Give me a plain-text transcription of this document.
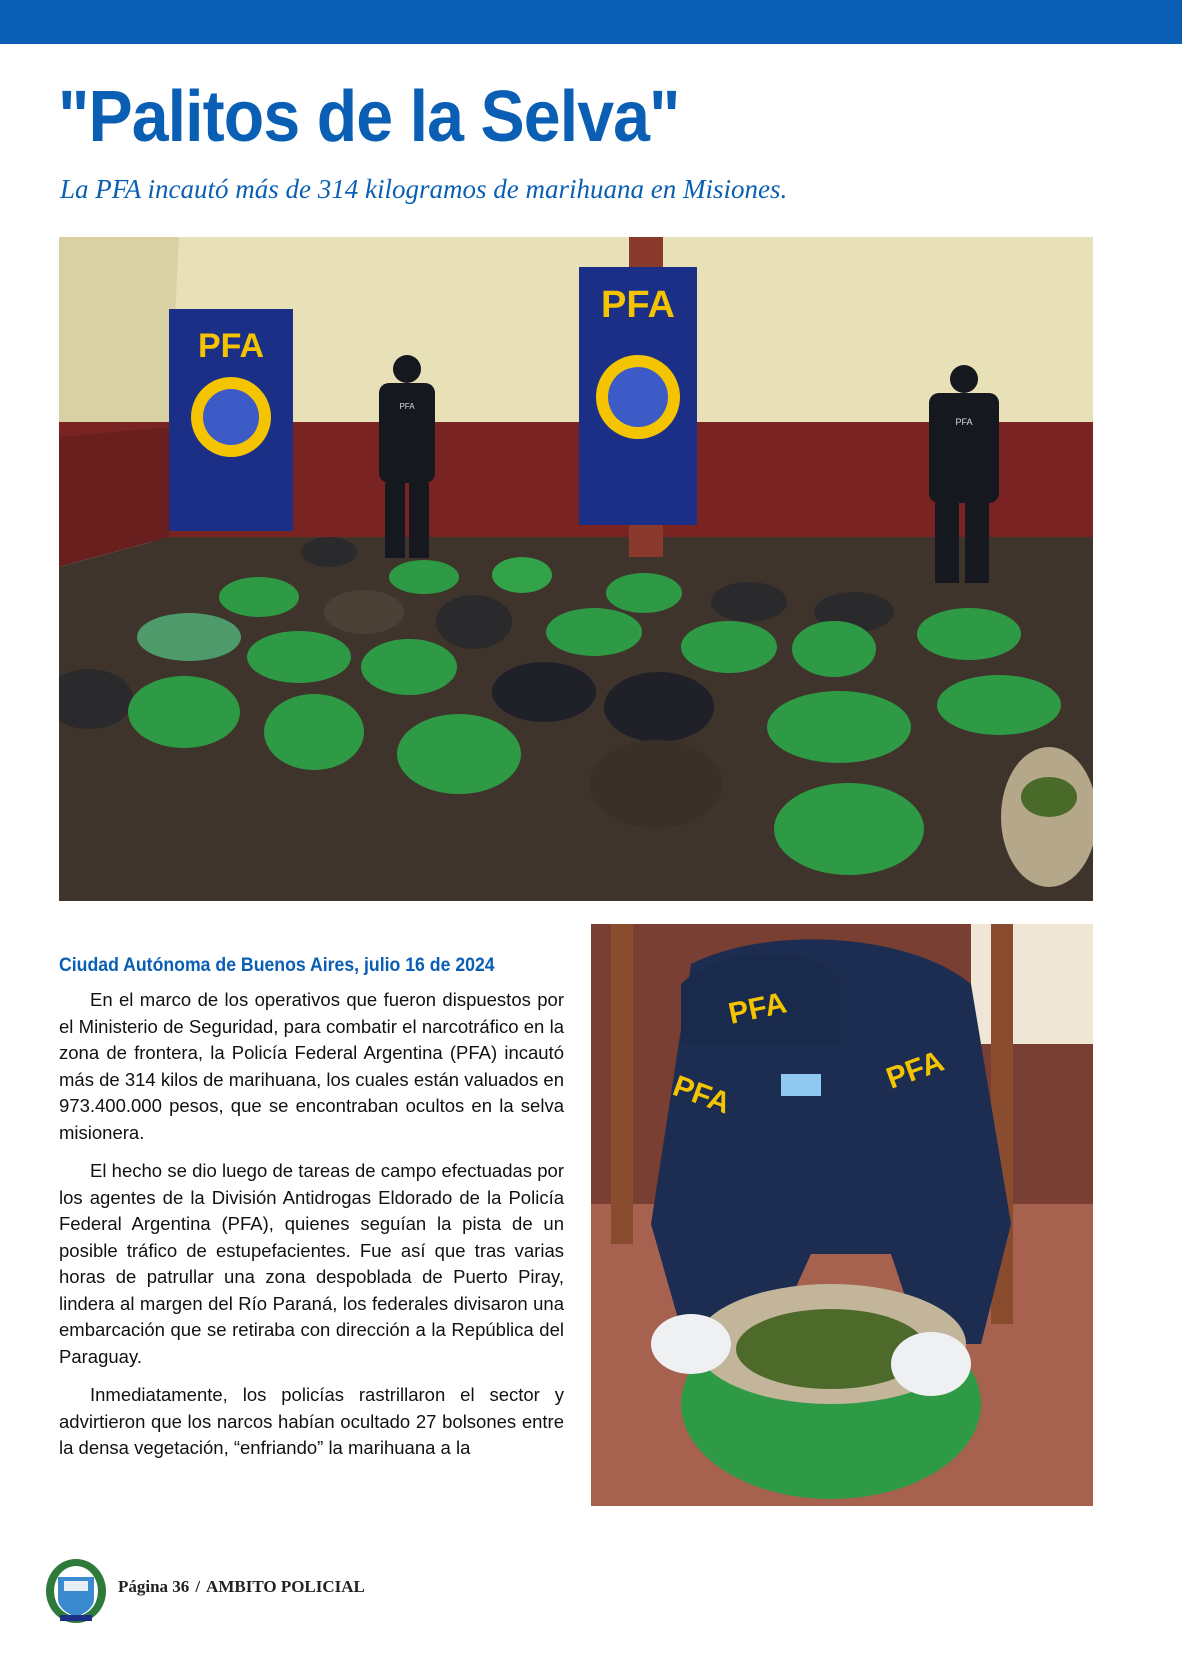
"Palitos de la Selva"

La PFA incautó más de 314 kilogramos de marihuana en Misiones.

PFA
PFA
PFA
PFA
Ciudad Autónoma de Buenos Aires, julio 16 de 2024

En el marco de los operativos que fueron dispuestos por el Ministerio de Seguridad, para combatir el narcotráfico en la zona de frontera, la Policía Federal Argentina (PFA) incautó más de 314 kilos de marihuana, los cuales están valuados en 973.400.000 pesos, que se encontraban ocultos en la selva misionera.

El hecho se dio luego de tareas de campo efectuadas por los agentes de la División Antidrogas Eldorado de la Policía Federal Argentina (PFA), quienes seguían la pista de un posible tráfico de estupefacientes. Fue así que tras varias horas de patrullar una zona despoblada de Puerto Piray, lindera al margen del Río Paraná, los federales divisaron una embarcación que se retiraba con dirección a la República del Paraguay.

Inmediatamente, los policías rastrillaron el sector y advirtieron que los narcos habían ocultado 27 bolsones entre la densa vegetación, “enfriando” la marihuana a la

PFA
PFA	PFA
Página 36 / AMBITO POLICIAL
